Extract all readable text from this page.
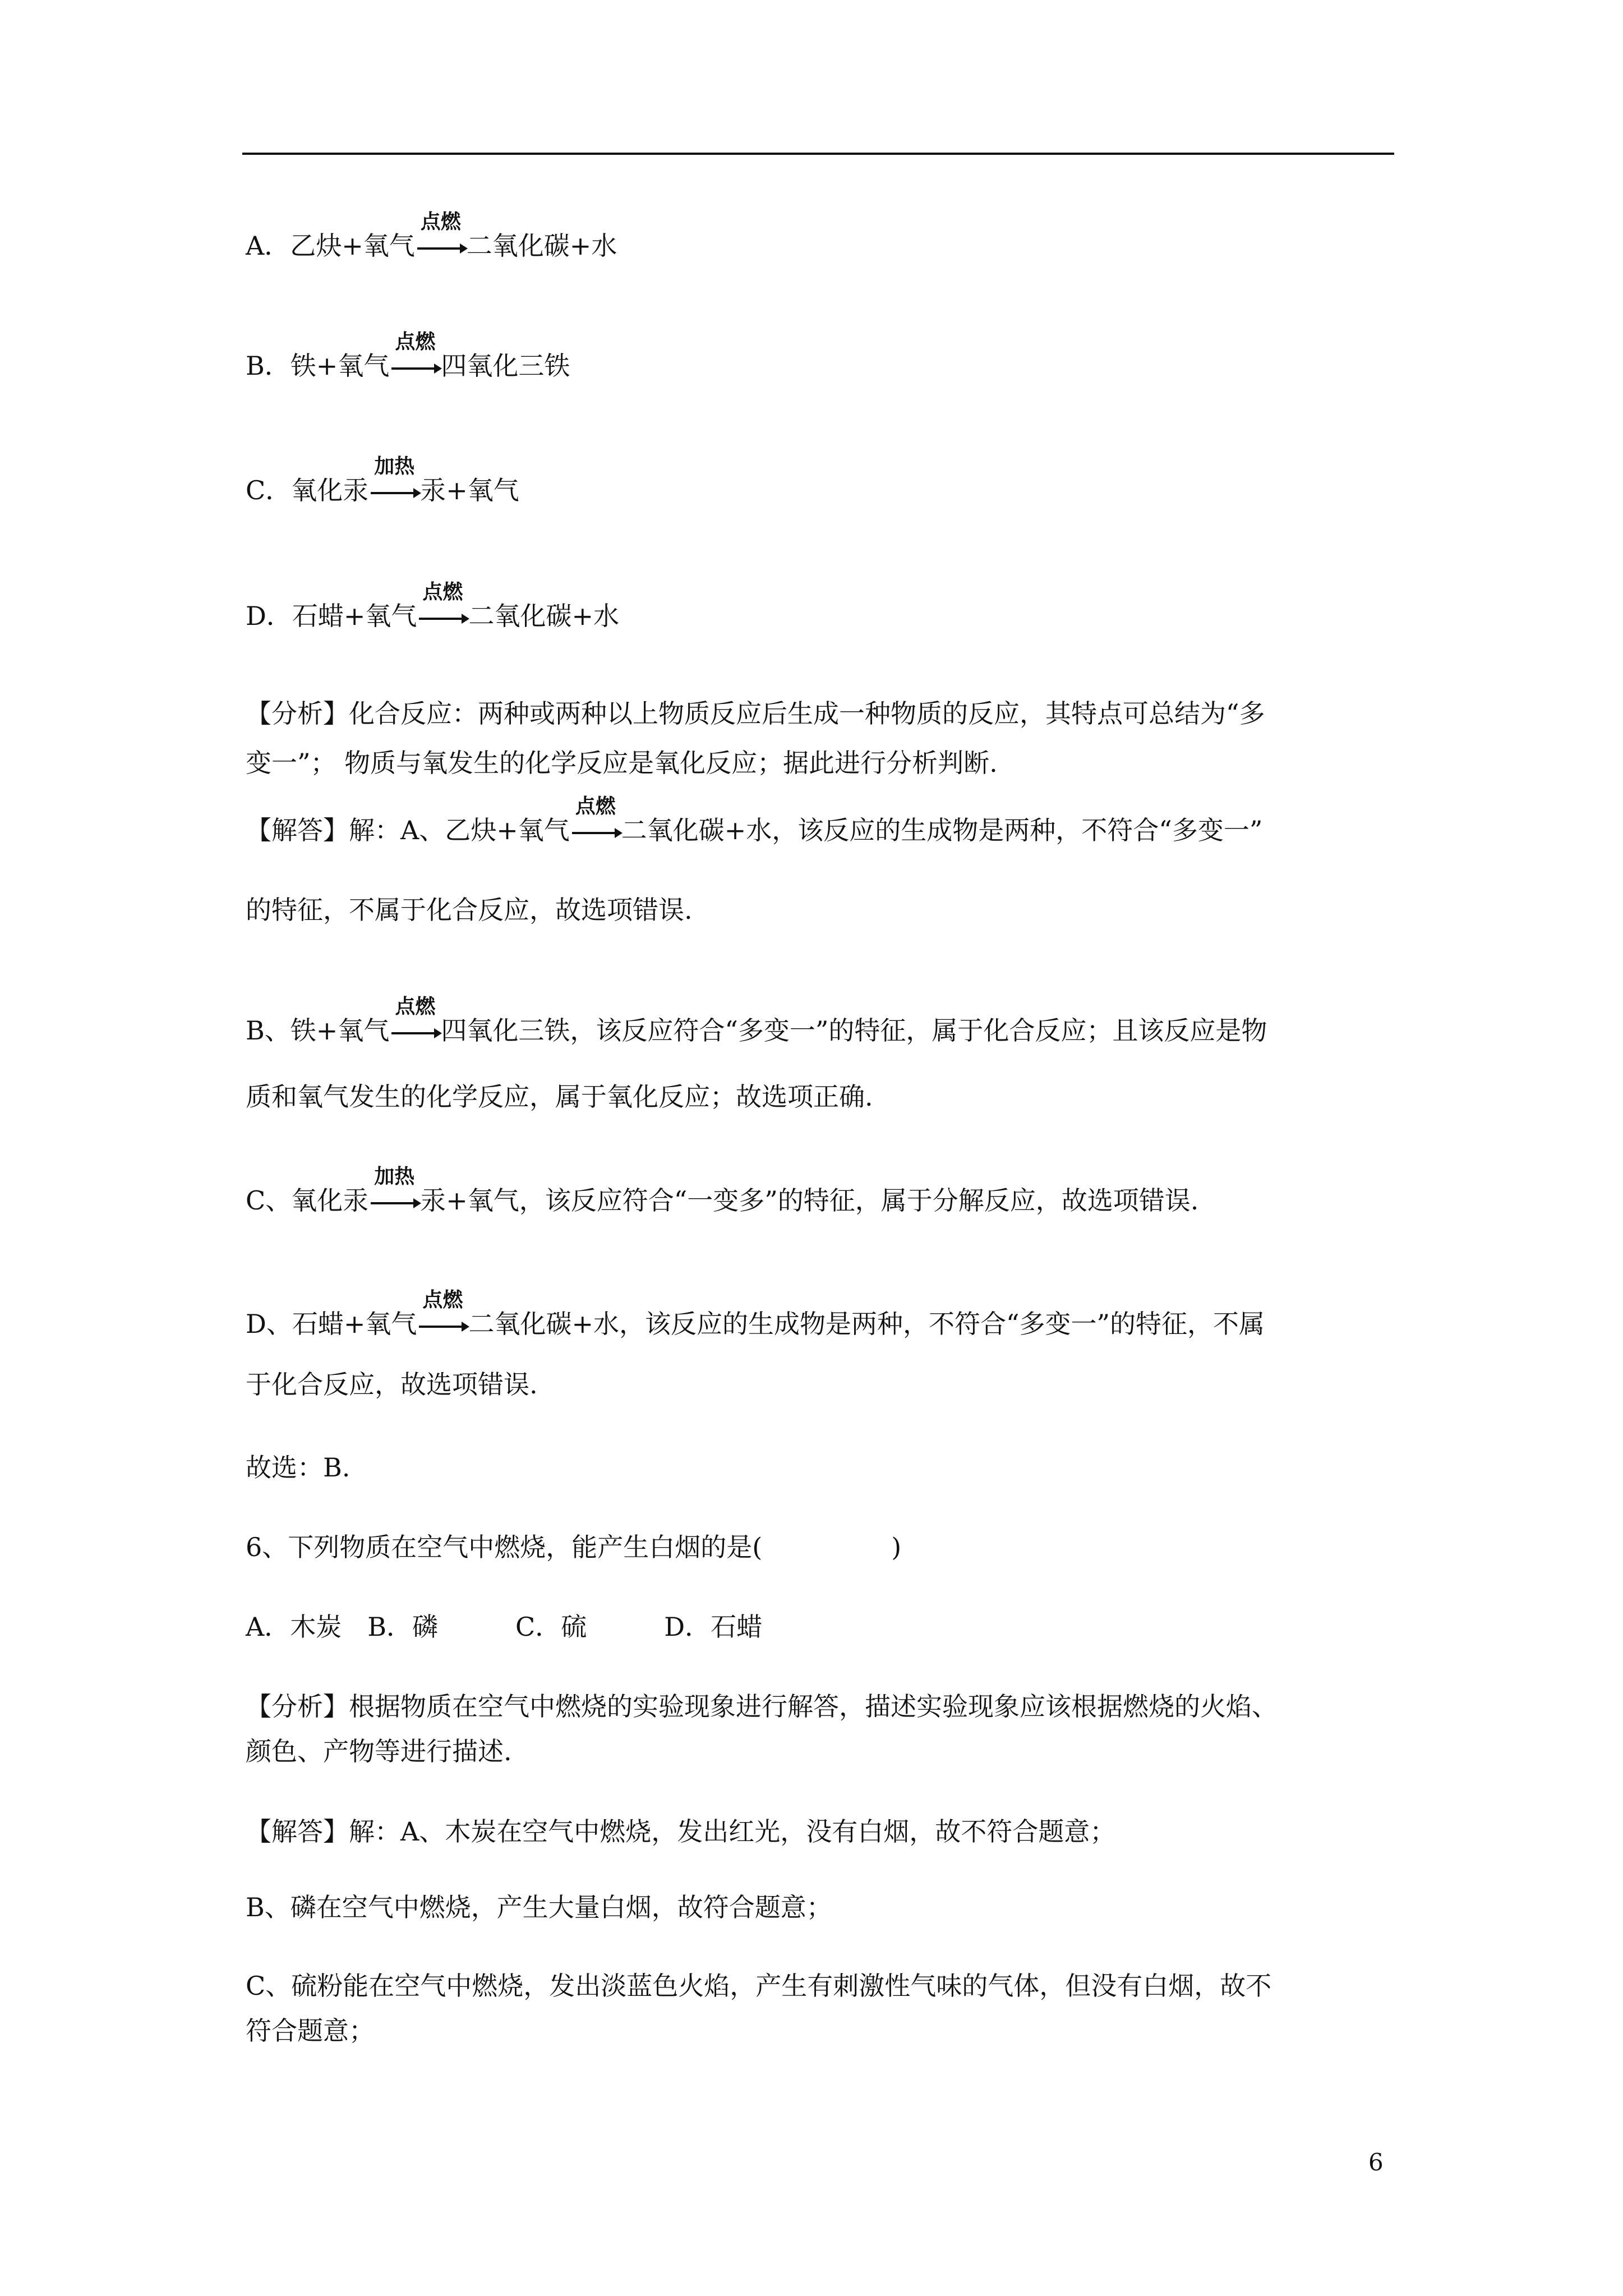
A．乙炔+氧气
点燃
二氧化碳+水
B．铁+氧气
点燃
四氧化三铁
C．氧化汞
加热
汞+氧气
D．石蜡+氧气
点燃
二氧化碳+水
【分析】化合反应：两种或两种以上物质反应后生成一种物质的反应，其特点可总结为“多
变一”； 物质与氧发生的化学反应是氧化反应；据此进行分析判断.
【解答】解：A、乙炔+氧气
点燃
二氧化碳+水，该反应的生成物是两种，不符合“多变一”
的特征，不属于化合反应，故选项错误.
B、铁+氧气
点燃
四氧化三铁，该反应符合“多变一”的特征，属于化合反应；且该反应是物
质和氧气发生的化学反应，属于氧化反应；故选项正确.
C、氧化汞
加热
汞+氧气，该反应符合“一变多”的特征，属于分解反应，故选项错误.
D、石蜡+氧气
点燃
二氧化碳+水，该反应的生成物是两种，不符合“多变一”的特征，不属
于化合反应，故选项错误.
故选：B.
6、下列物质在空气中燃烧，能产生白烟的是(　　　　　)
A．木炭　B．磷　　　C．硫　　　D．石蜡
【分析】根据物质在空气中燃烧的实验现象进行解答，描述实验现象应该根据燃烧的火焰、
颜色、产物等进行描述.
【解答】解：A、木炭在空气中燃烧，发出红光，没有白烟，故不符合题意；
B、磷在空气中燃烧，产生大量白烟，故符合题意；
C、硫粉能在空气中燃烧，发出淡蓝色火焰，产生有刺激性气味的气体，但没有白烟，故不
符合题意；
6
